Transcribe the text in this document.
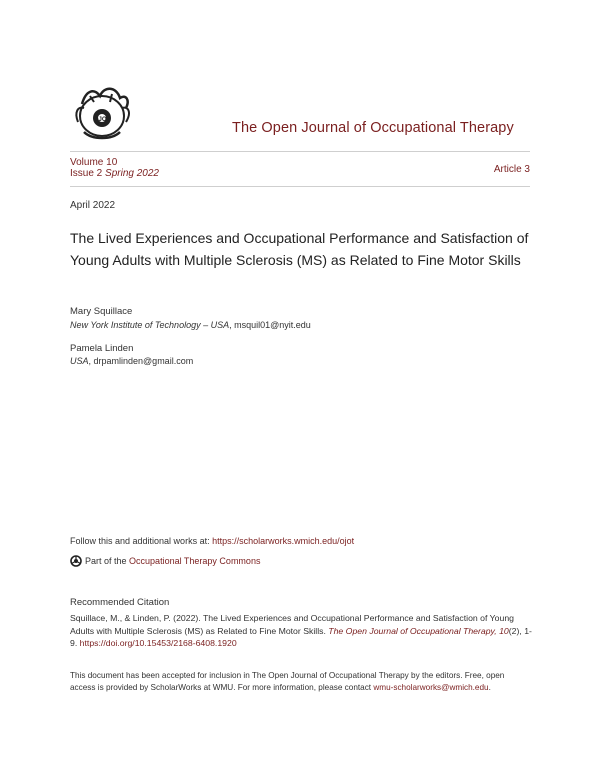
OJOT	The Open Journal of Occupational Therapy
Volume 10
Issue 2 Spring 2022	Article 3
April 2022
The Lived Experiences and Occupational Performance and Satisfaction of Young Adults with Multiple Sclerosis (MS) as Related to Fine Motor Skills
Mary Squillace
New York Institute of Technology – USA, msquil01@nyit.edu
Pamela Linden
USA, drpamlinden@gmail.com
Follow this and additional works at: https://scholarworks.wmich.edu/ojot
Part of the
Occupational Therapy Commons
Recommended Citation
Squillace, M., & Linden, P. (2022). The Lived Experiences and Occupational Performance and Satisfaction of Young Adults with Multiple Sclerosis (MS) as Related to Fine Motor Skills. The Open Journal of Occupational Therapy, 10(2), 1-9. https://doi.org/10.15453/2168-6408.1920
This document has been accepted for inclusion in The Open Journal of Occupational Therapy by the editors. Free, open access is provided by ScholarWorks at WMU. For more information, please contact wmu-scholarworks@wmich.edu.
